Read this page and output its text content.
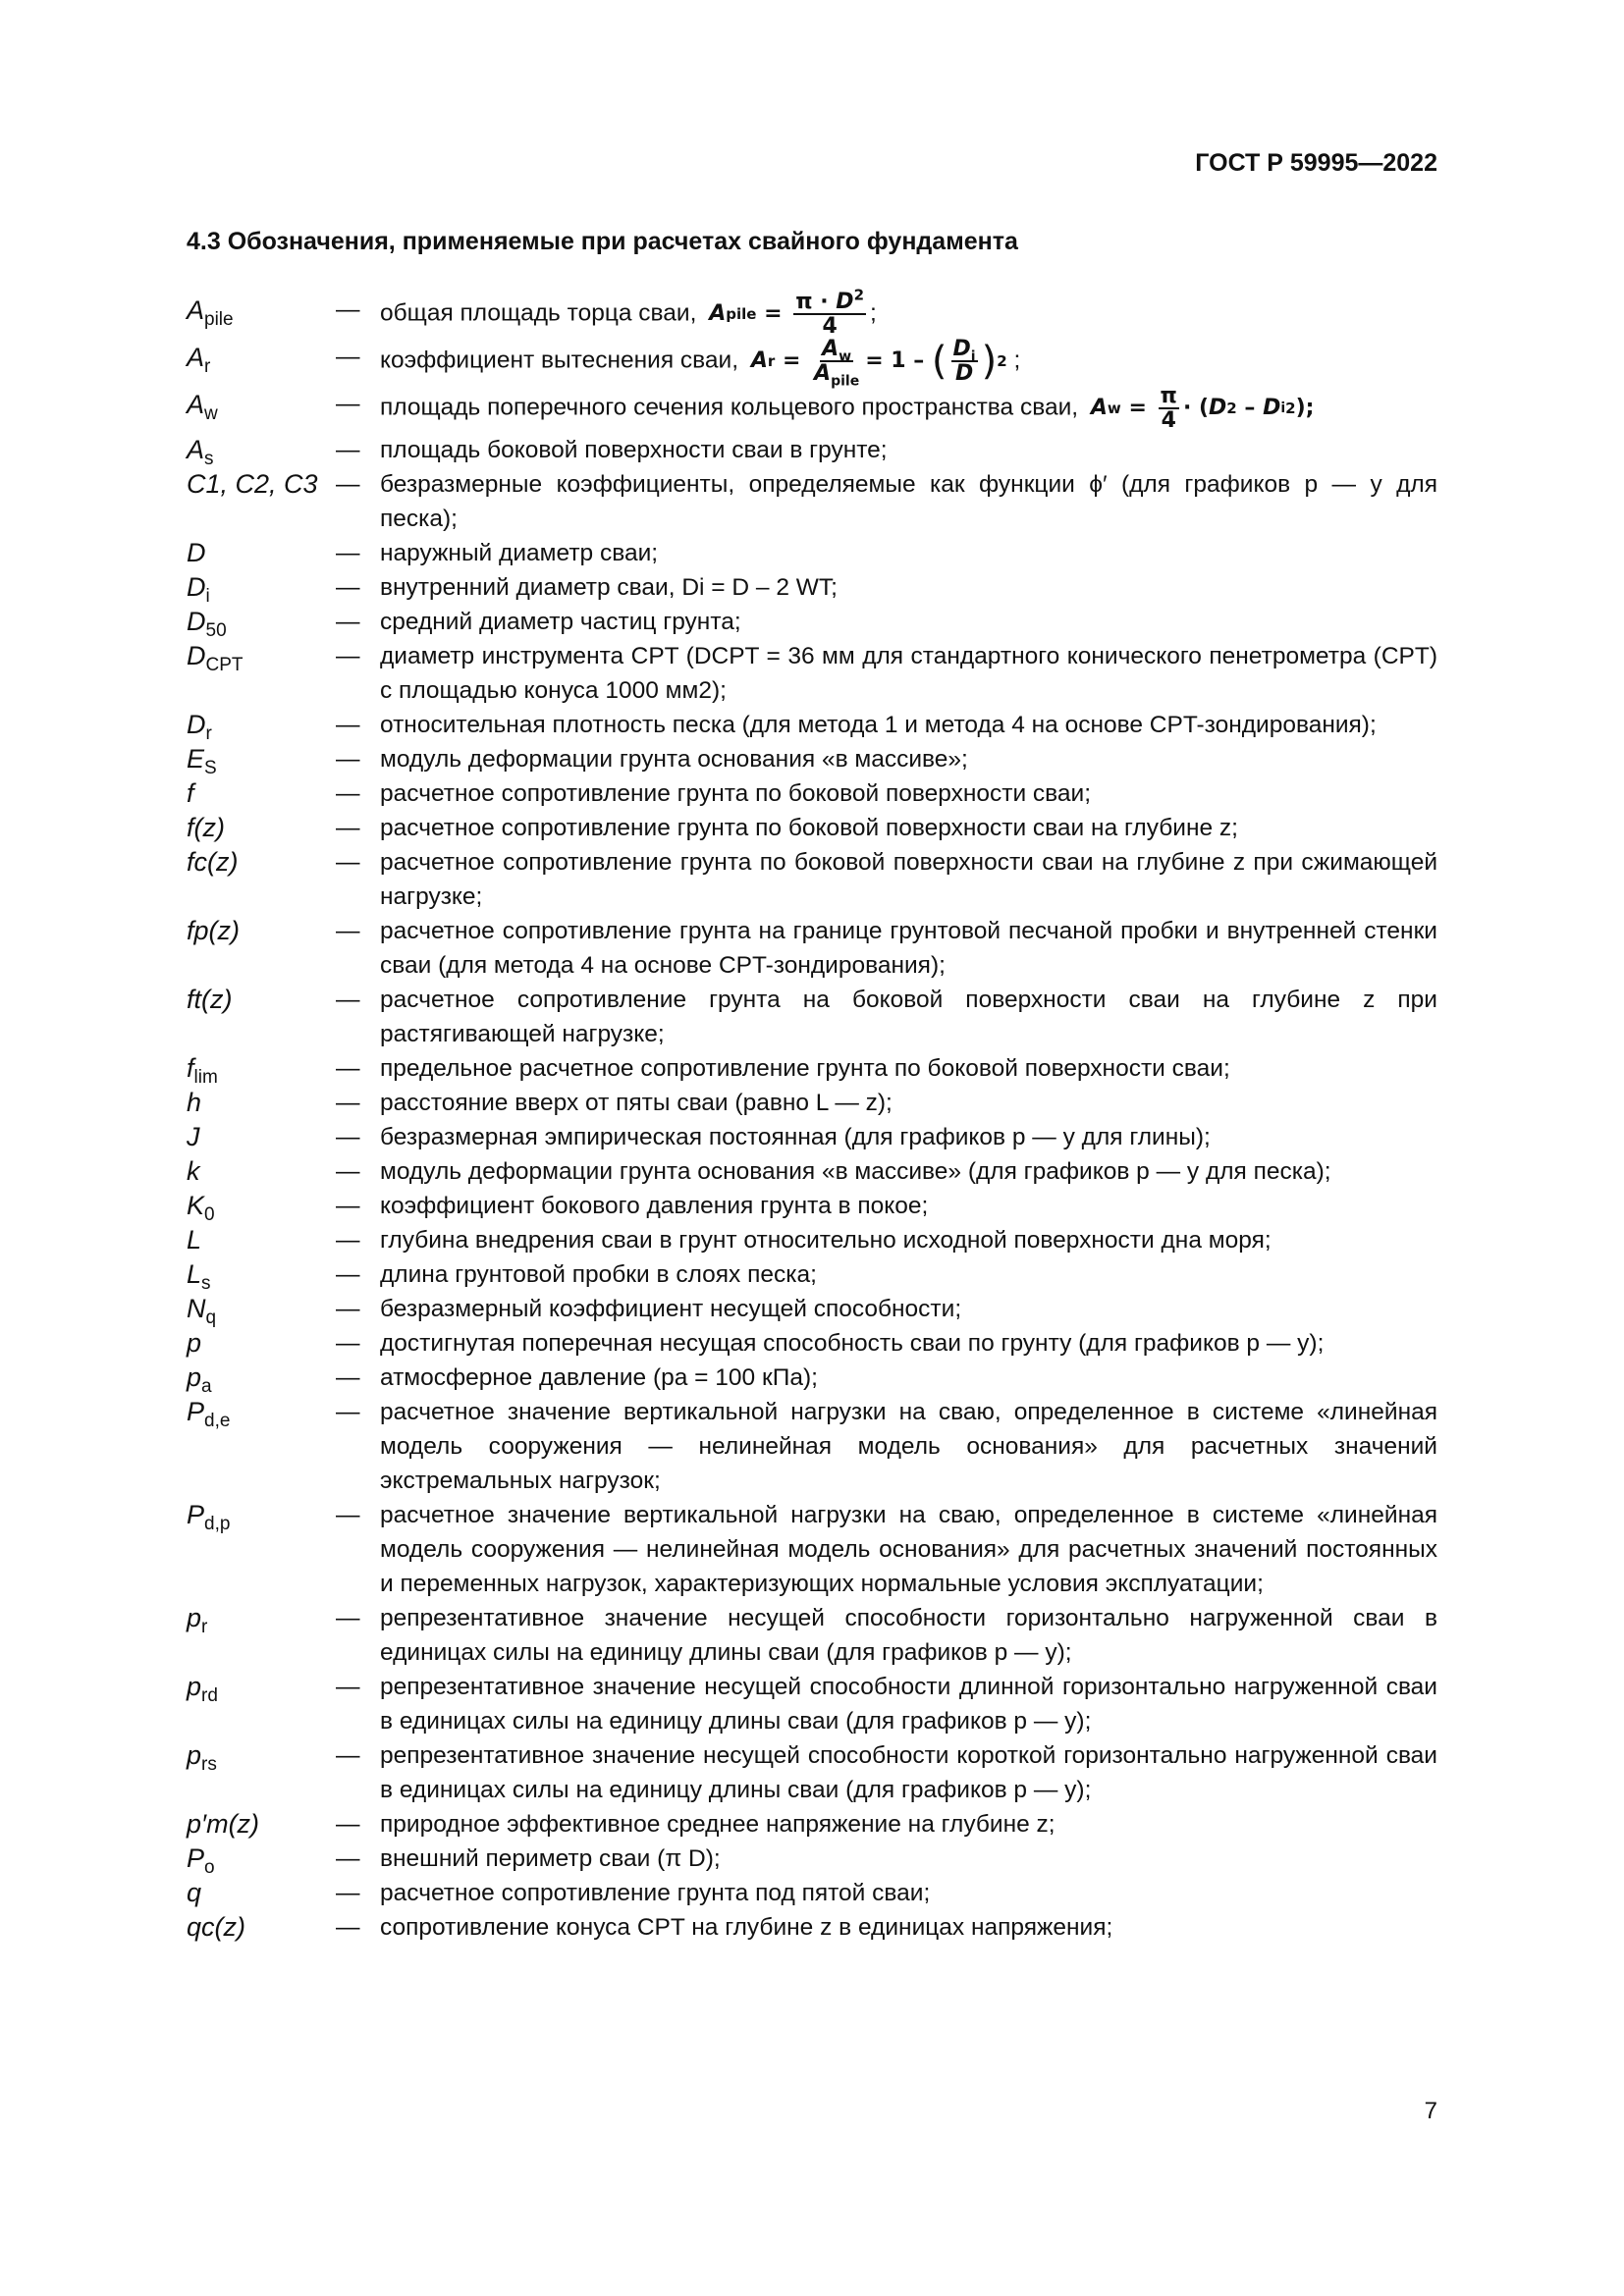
ГОСТ Р 59995—2022
4.3 Обозначения, применяемые при расчетах свайного фундамента
$A_{pile}$	— общая площадь торца сваи, A pile = $\frac{\pi \cdot D^2}{4}$ ;
$A_r$	— коэффициент вытеснения сваи, A $r = \frac{A_w}{A_{pile}} = 1$ – ( $\frac{D_i}{D}$ ) 2 ;
$A_w$	— площадь поперечного сечения кольцевого пространства сваи, A $w = \frac{\pi}{4}$ · ( D 2 – D i 2 );
$A_s$	— площадь боковой поверхности сваи в грунте;
C1, C2, C3 — безразмерные коэффициенты, определяемые как функции ϕ′ (для графиков p — y для песка);
D	— наружный диаметр сваи;
$D_i$	— внутренний диаметр сваи, Di = D – 2 WT;
$D_{50}$	— средний диаметр частиц грунта;
$D_{CPT}$	— диаметр инструмента CPT (DCPT = 36 мм для стандартного конического пенетрометра (CPT) с площадью конуса 1000 мм2);
$D_r$	— относительная плотность песка (для метода 1 и метода 4 на основе CPT-зондирования);
$E_S$	— модуль деформации грунта основания «в массиве»;
f	— расчетное сопротивление грунта по боковой поверхности сваи;
f(z)	— расчетное сопротивление грунта по боковой поверхности сваи на глубине z;
fc(z)	— расчетное сопротивление грунта по боковой поверхности сваи на глубине z при сжимающей нагрузке;
fp(z)	— расчетное сопротивление грунта на границе грунтовой песчаной пробки и внутренней стенки сваи (для метода 4 на основе CPT-зондирования);
ft(z)	— расчетное сопротивление грунта на боковой поверхности сваи на глубине z при растягивающей нагрузке;
$f_{lim}$	— предельное расчетное сопротивление грунта по боковой поверхности сваи;
h	— расстояние вверх от пяты сваи (равно L — z);
J	— безразмерная эмпирическая постоянная (для графиков p — y для глины);
k	— модуль деформации грунта основания «в массиве» (для графиков p — y для песка);
$K_0$	— коэффициент бокового давления грунта в покое;
L	— глубина внедрения сваи в грунт относительно исходной поверхности дна моря;
$L_s$	— длина грунтовой пробки в слоях песка;
$N_q$	— безразмерный коэффициент несущей способности;
p	— достигнутая поперечная несущая способность сваи по грунту (для графиков p — y);
$p_a$	— атмосферное давление (pa = 100 кПа);
$P_{d,e}$	— расчетное значение вертикальной нагрузки на сваю, определенное в системе «линейная модель сооружения — нелинейная модель основания» для расчетных значений экстремальных нагрузок;
$P_{d,p}$	— расчетное значение вертикальной нагрузки на сваю, определенное в системе «линейная модель сооружения — нелинейная модель основания» для расчетных значений постоянных и переменных нагрузок, характеризующих нормальные условия эксплуатации;
$p_r$	— репрезентативное значение несущей способности горизонтально нагруженной сваи в единицах силы на единицу длины сваи (для графиков p — y);
$p_{rd}$	— репрезентативное значение несущей способности длинной горизонтально нагруженной сваи в единицах силы на единицу длины сваи (для графиков p — y);
$p_{rs}$	— репрезентативное значение несущей способности короткой горизонтально нагруженной сваи в единицах силы на единицу длины сваи (для графиков p — y);
p′m(z)	— природное эффективное среднее напряжение на глубине z;
$P_o$	— внешний периметр сваи (π D);
q	— расчетное сопротивление грунта под пятой сваи;
qc(z)	— сопротивление конуса CPT на глубине z в единицах напряжения;
7
